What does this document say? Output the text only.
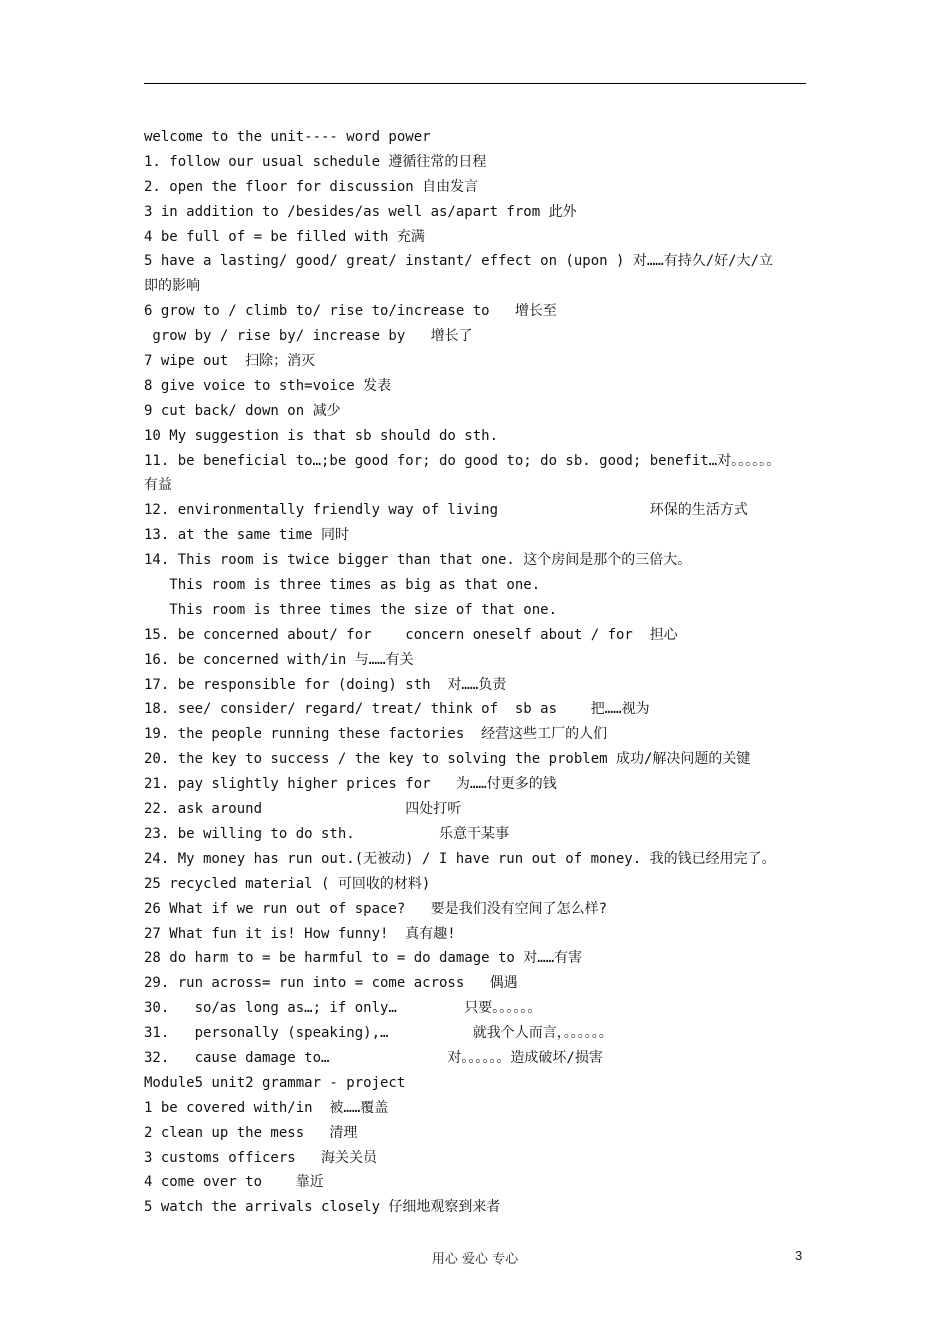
welcome to the unit---- word power
1. follow our usual schedule 遵循往常的日程
2. open the floor for discussion 自由发言
3 in addition to /besides/as well as/apart from 此外
4 be full of = be filled with 充满
5 have a lasting/ good/ great/ instant/ effect on (upon ) 对……有持久/好/大/立
即的影响
6 grow to / climb to/ rise to/increase to   增长至
grow by / rise by/ increase by   增长了
7 wipe out  扫除；消灭
8 give voice to sth=voice 发表
9 cut back/ down on 减少
10 My suggestion is that sb should do sth.
11. be beneficial to…;be good for; do good to; do sb. good; benefit…对。。。。。。
有益
12. environmentally friendly way of living                  环保的生活方式
13. at the same time 同时
14. This room is twice bigger than that one. 这个房间是那个的三倍大。
This room is three times as big as that one.
This room is three times the size of that one.
15. be concerned about/ for    concern oneself about / for  担心
16. be concerned with/in 与……有关
17. be responsible for (doing) sth  对……负责
18. see/ consider/ regard/ treat/ think of  sb as    把……视为
19. the people running these factories  经营这些工厂的人们
20. the key to success / the key to solving the problem 成功/解决问题的关键
21. pay slightly higher prices for   为……付更多的钱
22. ask around                 四处打听
23. be willing to do sth.          乐意干某事
24. My money has run out.(无被动) / I have run out of money. 我的钱已经用完了。
25 recycled material ( 可回收的材料)
26 What if we run out of space?   要是我们没有空间了怎么样?
27 What fun it is! How funny!  真有趣!
28 do harm to = be harmful to = do damage to 对……有害
29. run across= run into = come across   偶遇
30.   so/as long as…; if only…        只要。。。。。。
31.   personally (speaking),…          就我个人而言，。。。。。。
32.   cause damage to…              对。。。。。。造成破坏/损害
Module5 unit2 grammar - project
1 be covered with/in  被……覆盖
2 clean up the mess   清理
3 customs officers   海关关员
4 come over to    靠近
5 watch the arrivals closely 仔细地观察到来者
用心 爱心 专心	3
